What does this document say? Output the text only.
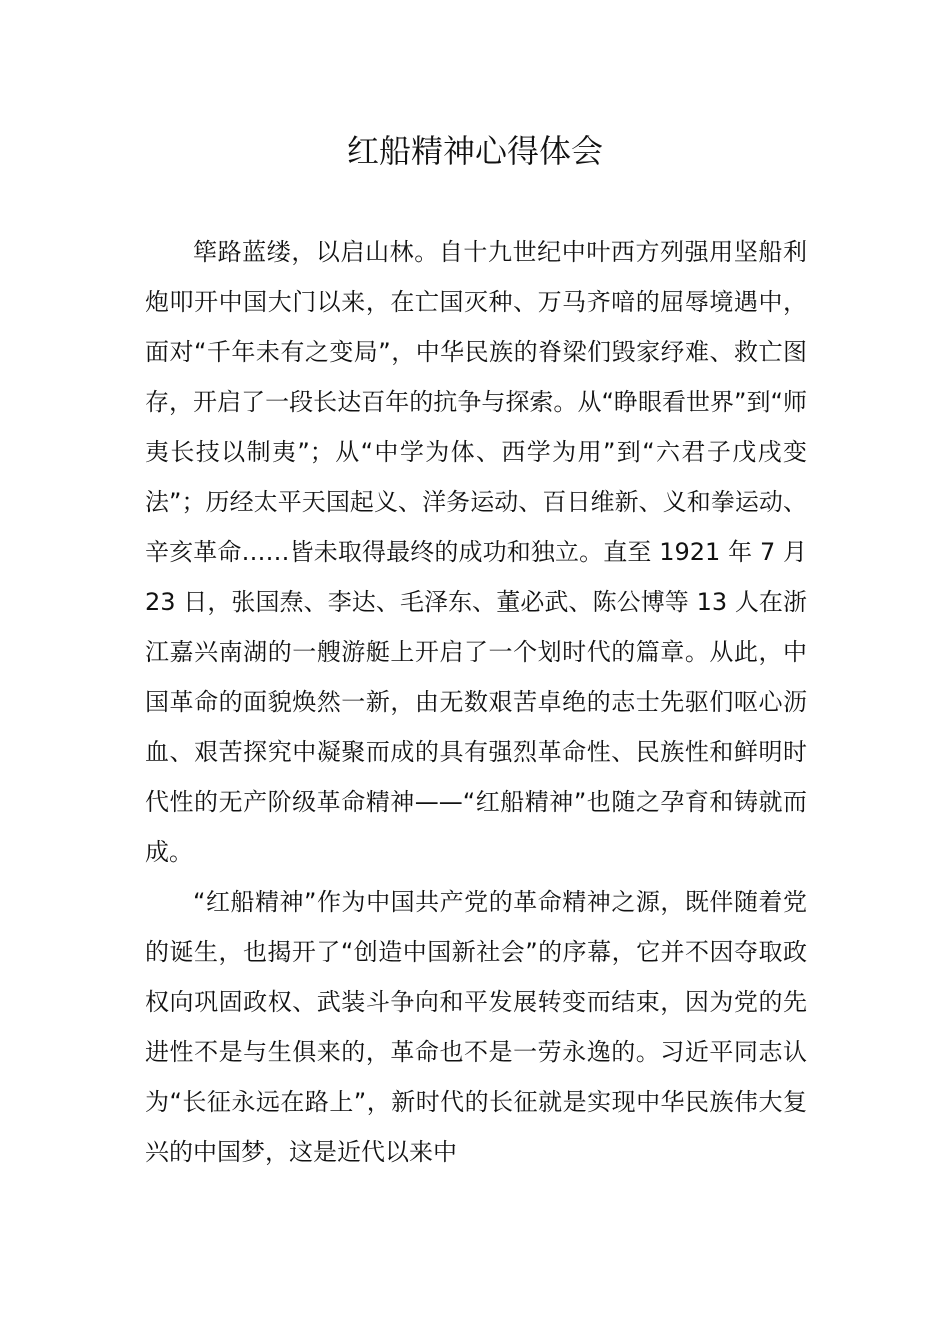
红船精神心得体会

筚路蓝缕，以启山林。自十九世纪中叶西方列强用坚船利炮叩开中国大门以来，在亡国灭种、万马齐喑的屈辱境遇中，面对“千年未有之变局”，中华民族的脊梁们毁家纾难、救亡图存，开启了一段长达百年的抗争与探索。从“睁眼看世界”到“师夷长技以制夷”；从“中学为体、西学为用”到“六君子戊戌变法”；历经太平天国起义、洋务运动、百日维新、义和拳运动、辛亥革命……皆未取得最终的成功和独立。直至 1921 年 7 月 23 日，张国焘、李达、毛泽东、董必武、陈公博等 13 人在浙江嘉兴南湖的一艘游艇上开启了一个划时代的篇章。从此，中国革命的面貌焕然一新，由无数艰苦卓绝的志士先驱们呕心沥血、艰苦探究中凝聚而成的具有强烈革命性、民族性和鲜明时代性的无产阶级革命精神——“红船精神”也随之孕育和铸就而成。

“红船精神”作为中国共产党的革命精神之源，既伴随着党的诞生，也揭开了“创造中国新社会”的序幕，它并不因夺取政权向巩固政权、武装斗争向和平发展转变而结束，因为党的先进性不是与生俱来的，革命也不是一劳永逸的。习近平同志认为“长征永远在路上”，新时代的长征就是实现中华民族伟大复兴的中国梦，这是近代以来中
